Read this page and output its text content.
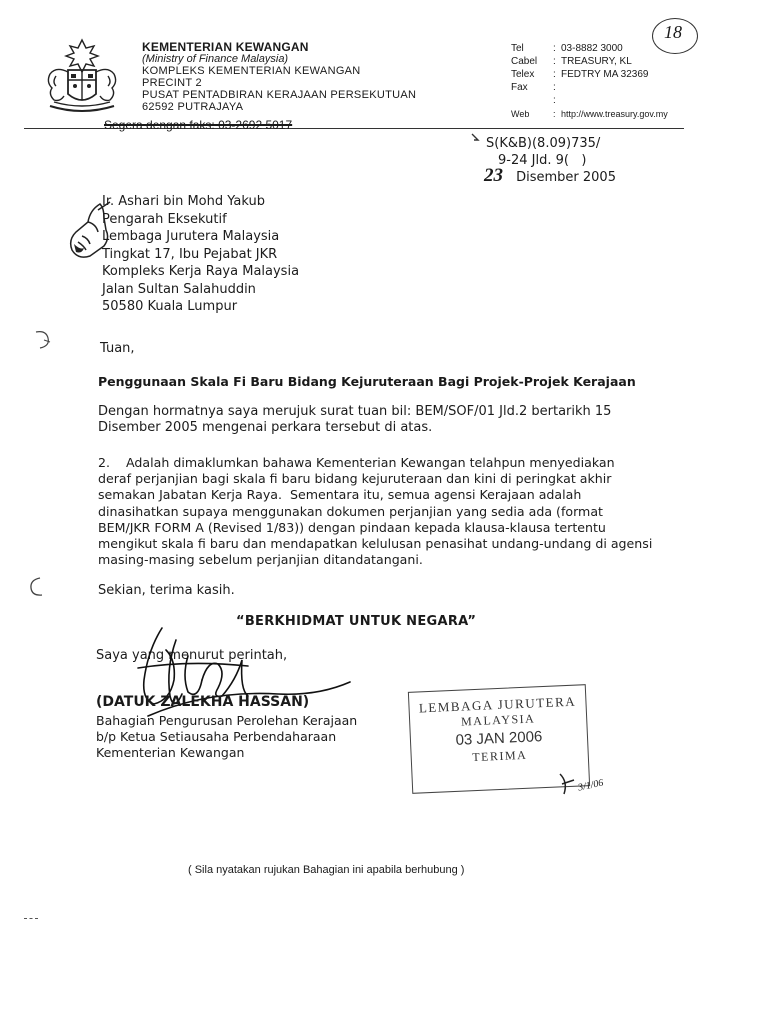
18
KEMENTERIAN KEWANGAN
(Ministry of Finance Malaysia)
KOMPLEKS KEMENTERIAN KEWANGAN
PRECINT 2
PUSAT PENTADBIRAN KERAJAAN PERSEKUTUAN
62592 PUTRAJAYA
Tel	: 03-8882 3000
Cabel : TREASURY, KL
Telex : FEDTRY MA 32369
Fax	:
:
Web	: http://www.treasury.gov.my
Segera dengan faks: 03-2692 5017
S(K&B)(8.09)735/
9-24 Jld. 9(   )
23 Disember 2005
Ir. Ashari bin Mohd Yakub
Pengarah Eksekutif
Lembaga Jurutera Malaysia
Tingkat 17, Ibu Pejabat JKR
Kompleks Kerja Raya Malaysia
Jalan Sultan Salahuddin
50580 Kuala Lumpur
Tuan,
Penggunaan Skala Fi Baru Bidang Kejuruteraan Bagi Projek-Projek Kerajaan
Dengan hormatnya saya merujuk surat tuan bil: BEM/SOF/01 Jld.2 bertarikh 15
Disember 2005 mengenai perkara tersebut di atas.
2.    Adalah dimaklumkan bahawa Kementerian Kewangan telahpun menyediakan
deraf perjanjian bagi skala fi baru bidang kejuruteraan dan kini di peringkat akhir
semakan Jabatan Kerja Raya.  Sementara itu, semua agensi Kerajaan adalah
dinasihatkan supaya menggunakan dokumen perjanjian yang sedia ada (format
BEM/JKR FORM A (Revised 1/83)) dengan pindaan kepada klausa-klausa tertentu
mengikut skala fi baru dan mendapatkan kelulusan penasihat undang-undang di agensi
masing-masing sebelum perjanjian ditandatangani.
Sekian, terima kasih.
“BERKHIDMAT UNTUK NEGARA”
Saya yang menurut perintah,
(DATUK ZALEKHA HASSAN)
Bahagian Pengurusan Perolehan Kerajaan
b/p Ketua Setiausaha Perbendaharaan
Kementerian Kewangan
LEMBAGA JURUTERA
MALAYSIA
03 JAN 2006
TERIMA
3/1/06
( Sila nyatakan rujukan Bahagian ini apabila berhubung )
